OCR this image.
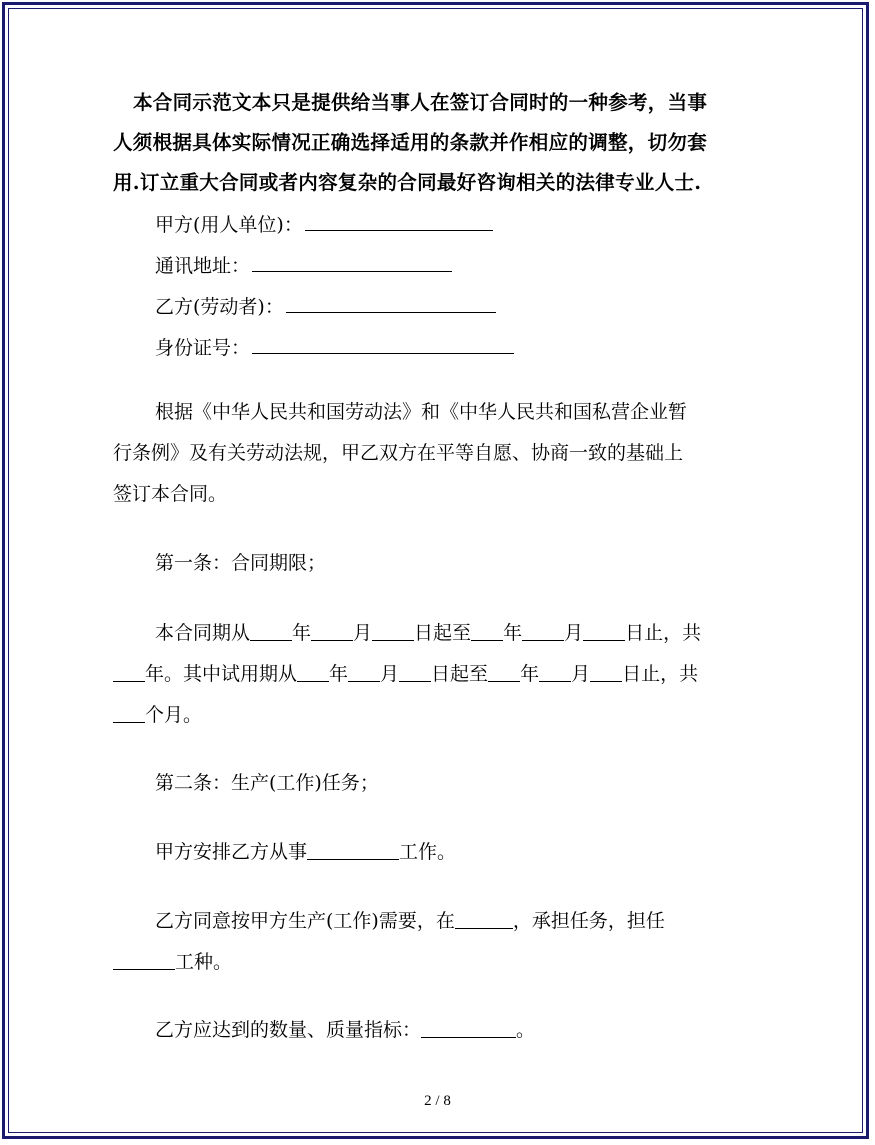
本合同示范文本只是提供给当事人在签订合同时的一种参考，当事

人须根据具体实际情况正确选择适用的条款并作相应的调整，切勿套

用.订立重大合同或者内容复杂的合同最好咨询相关的法律专业人士.

甲方(用人单位)：
通讯地址：
乙方(劳动者)：
身份证号：
根据《中华人民共和国劳动法》和《中华人民共和国私营企业暂
行条例》及有关劳动法规，甲乙双方在平等自愿、协商一致的基础上
签订本合同。
第一条：合同期限；
本合同期从 年 月 日起至 年 月 日止，共
年。其中试用期从 年 月 日起至 年 月 日止，共
个月。
第二条：生产(工作)任务；
甲方安排乙方从事	工作。
乙方同意按甲方生产(工作)需要，在	，承担任务，担任
工种。
乙方应达到的数量、质量指标：	。
2 / 8
